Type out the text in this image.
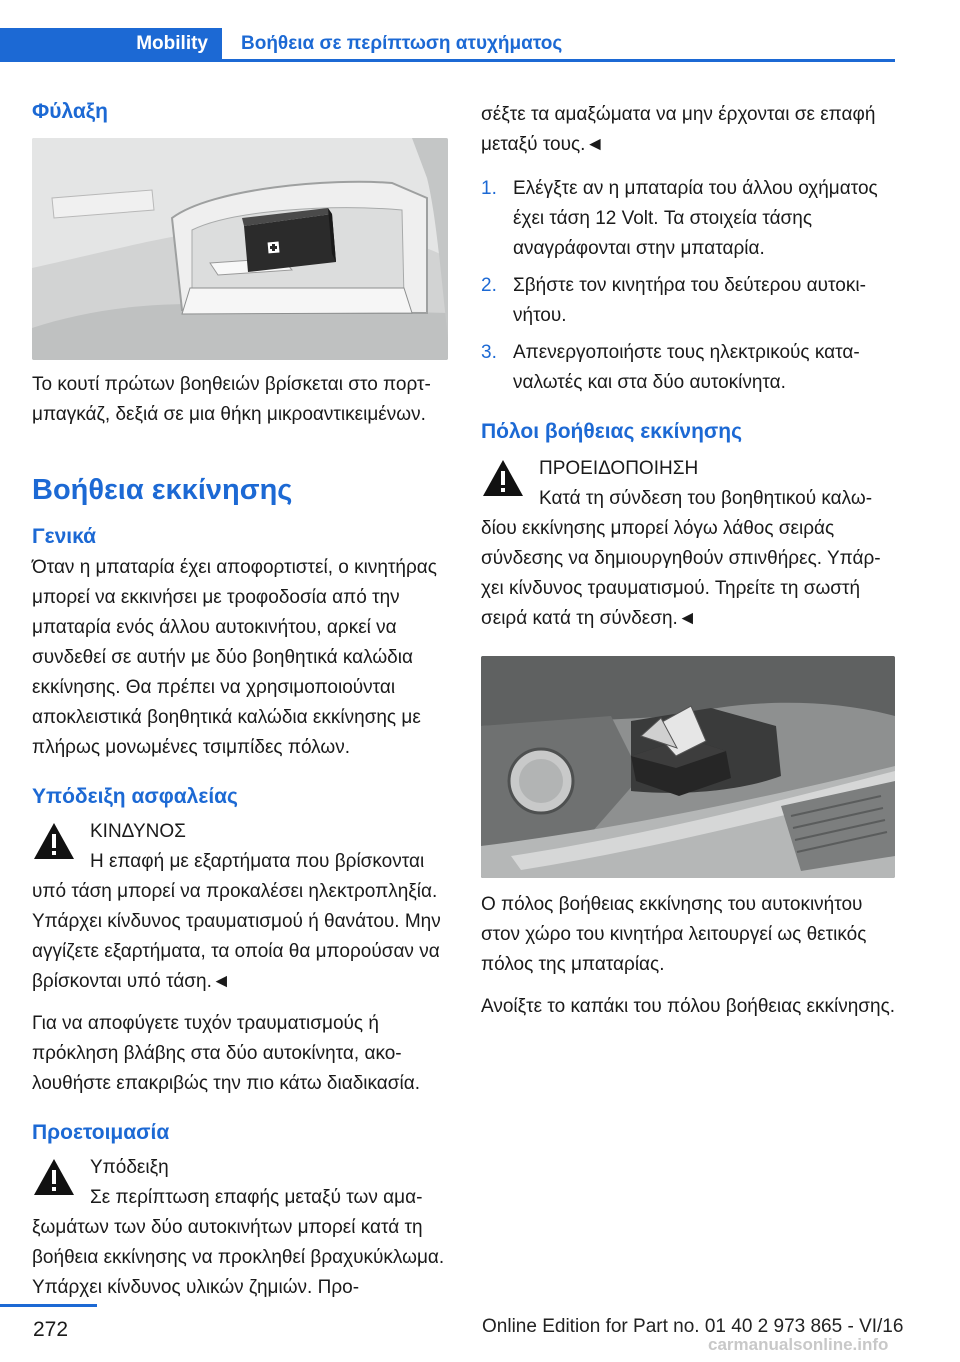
Mobility Βοήθεια σε περίπτωση ατυχήματος
Φύλαξη

Το κουτί πρώτων βοηθειών βρίσκεται στο πορτ-μπαγκάζ, δεξιά σε μια θήκη μικροαντικειμένων.

Βοήθεια εκκίνησης
Γενικά

Όταν η μπαταρία έχει αποφορτιστεί, ο κινητήρας μπορεί να εκκινήσει με τροφοδοσία από την μπαταρία ενός άλλου αυτοκινήτου, αρκεί να συνδεθεί σε αυτήν με δύο βοηθητικά καλώδια εκκίνησης. Θα πρέπει να χρησιμοποιούνται αποκλειστικά βοηθητικά καλώδια εκκίνησης με πλήρως μονωμένες τσιμπίδες πόλων.

Υπόδειξη ασφαλείας

ΚΙΝΔΥΝΟΣ

Η επαφή με εξαρτήματα που βρίσκονται υπό τάση μπορεί να προκαλέσει ηλεκτροπληξία. Υπάρχει κίνδυνος τραυματισμού ή θανάτου. Μην αγγίζετε εξαρτήματα, τα οποία θα μπορούσαν να βρίσκονται υπό τάση.◄

Για να αποφύγετε τυχόν τραυματισμούς ή πρόκληση βλάβης στα δύο αυτοκίνητα, ακολουθήστε επακριβώς την πιο κάτω διαδικασία.

Προετοιμασία

Υπόδειξη

Σε περίπτωση επαφής μεταξύ των αμαξωμάτων των δύο αυτοκινήτων μπορεί κατά τη βοήθεια εκκίνησης να προκληθεί βραχυκύκλωμα. Υπάρχει κίνδυνος υλικών ζημιών. Προ-

σέξτε τα αμαξώματα να μην έρχονται σε επαφή μεταξύ τους.◄

1. Ελέγξτε αν η μπαταρία του άλλου οχήματος έχει τάση 12 Volt. Τα στοιχεία τάσης αναγράφονται στην μπαταρία.
2. Σβήστε τον κινητήρα του δεύτερου αυτοκινήτου.
3. Απενεργοποιήστε τους ηλεκτρικούς καταναλωτές και στα δύο αυτοκίνητα.
Πόλοι βοήθειας εκκίνησης

ΠΡΟΕΙΔΟΠΟΙΗΣΗ

Κατά τη σύνδεση του βοηθητικού καλωδίου εκκίνησης μπορεί λόγω λάθος σειράς σύνδεσης να δημιουργηθούν σπινθήρες. Υπάρχει κίνδυνος τραυματισμού. Τηρείτε τη σωστή σειρά κατά τη σύνδεση.◄

Ο πόλος βοήθειας εκκίνησης του αυτοκινήτου στον χώρο του κινητήρα λειτουργεί ως θετικός πόλος της μπαταρίας.

Ανοίξτε το καπάκι του πόλου βοήθειας εκκίνησης.

272	Online Edition for Part no. 01 40 2 973 865 - VI/16
carmanualsonline.info
